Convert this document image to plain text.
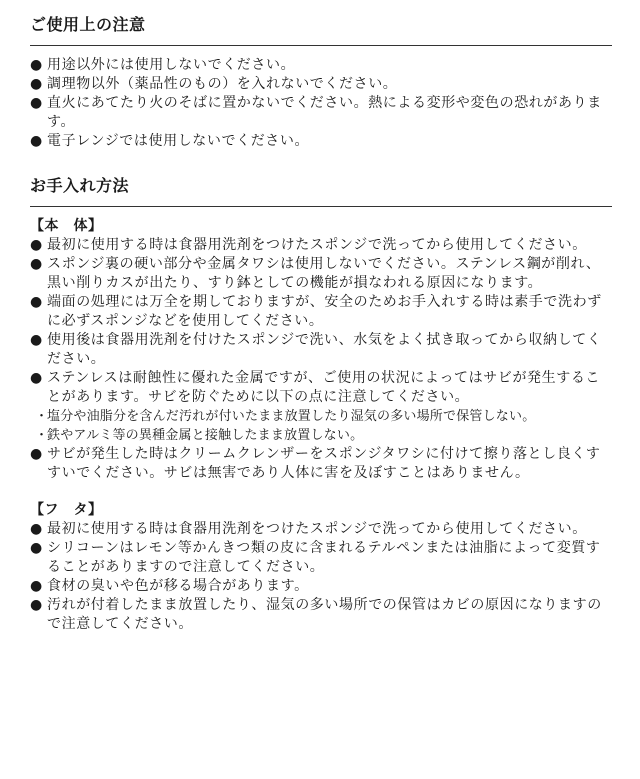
ご使用上の注意
● 用途以外には使用しないでください。
● 調理物以外（薬品性のもの）を入れないでください。
● 直火にあてたり火のそばに置かないでください。熱による変形や変色の恐れがあります。
● 電子レンジでは使用しないでください。
お手入れ方法

【本　体】

● 最初に使用する時は食器用洗剤をつけたスポンジで洗ってから使用してください。
● スポンジ裏の硬い部分や金属タワシは使用しないでください。ステンレス鋼が削れ、黒い削りカスが出たり、すり鉢としての機能が損なわれる原因になります。
● 端面の処理には万全を期しておりますが、安全のためお手入れする時は素手で洗わずに必ずスポンジなどを使用してください。
● 使用後は食器用洗剤を付けたスポンジで洗い、水気をよく拭き取ってから収納してください。
● ステンレスは耐蝕性に優れた金属ですが、ご使用の状況によってはサビが発生することがあります。サビを防ぐために以下の点に注意してください。
・
塩分や油脂分を含んだ汚れが付いたまま放置したり湿気の多い場所で保管しない。
・
鉄やアルミ等の異種金属と接触したまま放置しない。
● サビが発生した時はクリームクレンザーをスポンジタワシに付けて擦り落とし良くすすいでください。サビは無害であり人体に害を及ぼすことはありません。

【フ　タ】

● 最初に使用する時は食器用洗剤をつけたスポンジで洗ってから使用してください。
● シリコーンはレモン等かんきつ類の皮に含まれるテルペンまたは油脂によって変質することがありますので注意してください。
● 食材の臭いや色が移る場合があります。
● 汚れが付着したまま放置したり、湿気の多い場所での保管はカビの原因になりますので注意してください。
